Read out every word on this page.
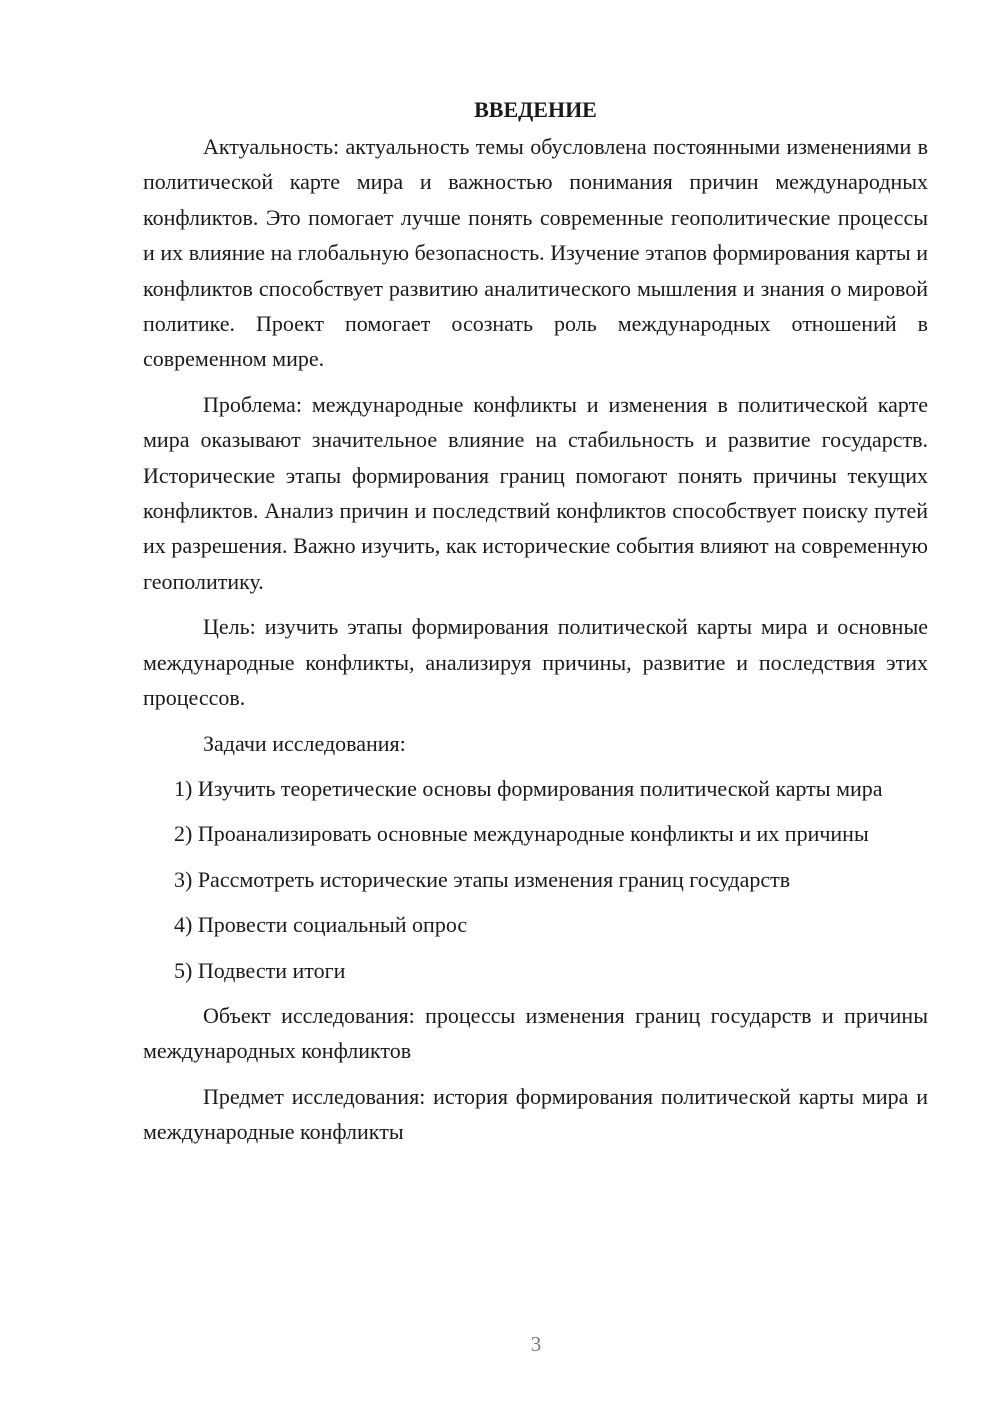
ВВЕДЕНИЕ

Актуальность: актуальность темы обусловлена постоянными изменениями в политической карте мира и важностью понимания причин международных конфликтов. Это помогает лучше понять современные геополитические процессы и их влияние на глобальную безопасность. Изучение этапов формирования карты и конфликтов способствует развитию аналитического мышления и знания о мировой политике. Проект помогает осознать роль международных отношений в современном мире.

Проблема: международные конфликты и изменения в политической карте мира оказывают значительное влияние на стабильность и развитие государств. Исторические этапы формирования границ помогают понять причины текущих конфликтов. Анализ причин и последствий конфликтов способствует поиску путей их разрешения. Важно изучить, как исторические события влияют на современную геополитику.

Цель: изучить этапы формирования политической карты мира и основные международные конфликты, анализируя причины, развитие и последствия этих процессов.

Задачи исследования:

1) Изучить теоретические основы формирования политической карты мира

2) Проанализировать основные международные конфликты и их причины

3) Рассмотреть исторические этапы изменения границ государств

4) Провести социальный опрос

5) Подвести итоги

Объект исследования: процессы изменения границ государств и причины международных конфликтов

Предмет исследования: история формирования политической карты мира и международные конфликты

3
